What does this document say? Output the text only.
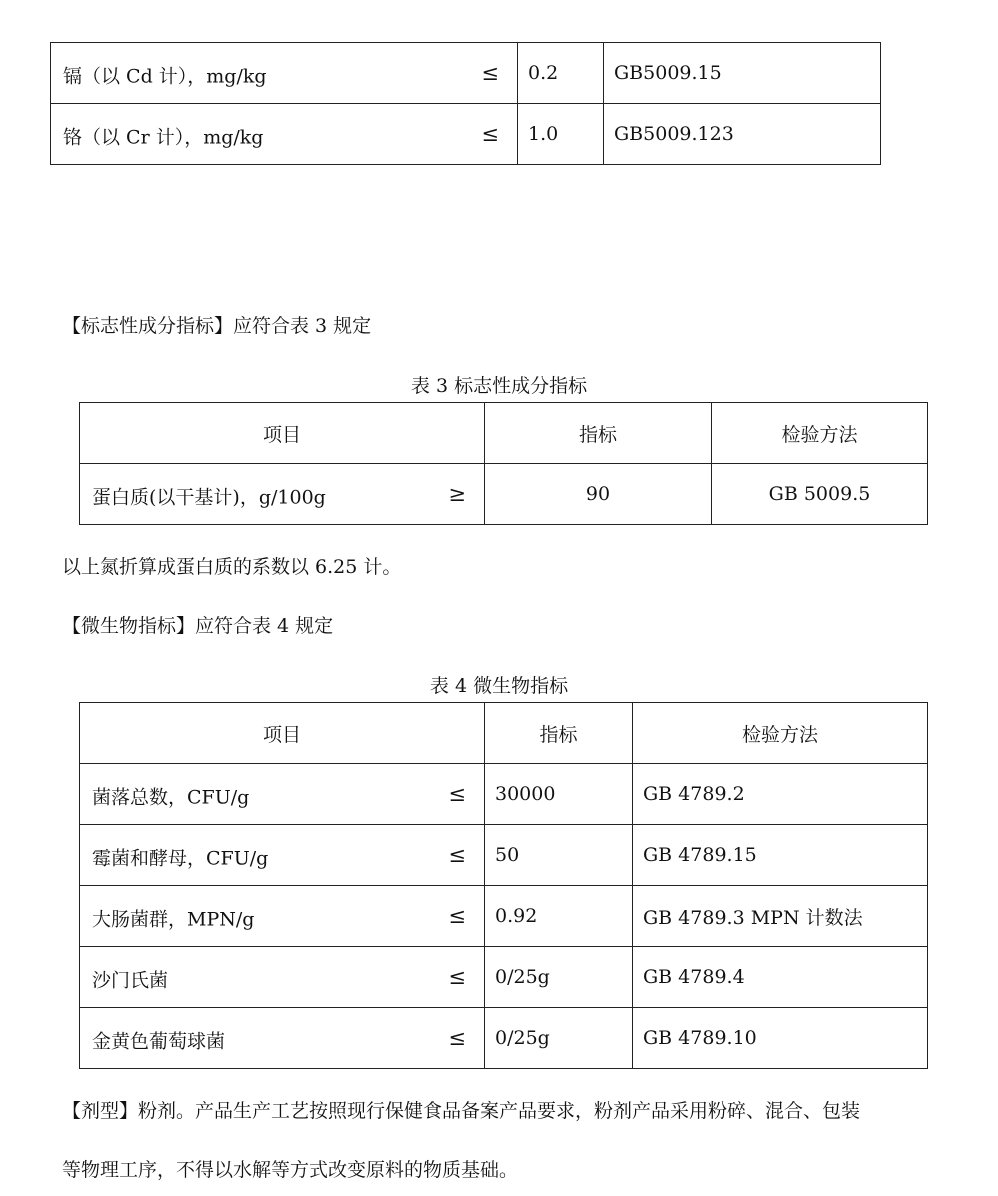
镉（以 Cd 计），mg/kg ≤	0.2	GB5009.15

铬（以 Cr 计），mg/kg ≤	1.0	GB5009.123
【标志性成分指标】应符合表 3 规定
表 3 标志性成分指标
项目	指标	检验方法

蛋白质(以干基计)，g/100g ≥	90	GB 5009.5
以上氮折算成蛋白质的系数以 6.25 计。
【微生物指标】应符合表 4 规定
表 4 微生物指标
项目	指标	检验方法

菌落总数，CFU/g ≤	30000	GB 4789.2

霉菌和酵母，CFU/g ≤	50	GB 4789.15

大肠菌群，MPN/g ≤	0.92	GB 4789.3 MPN 计数法

沙门氏菌 ≤	0/25g	GB 4789.4

金黄色葡萄球菌 ≤	0/25g	GB 4789.10
【剂型】粉剂。产品生产工艺按照现行保健食品备案产品要求，粉剂产品采用粉碎、混合、包装
等物理工序，不得以水解等方式改变原料的物质基础。
